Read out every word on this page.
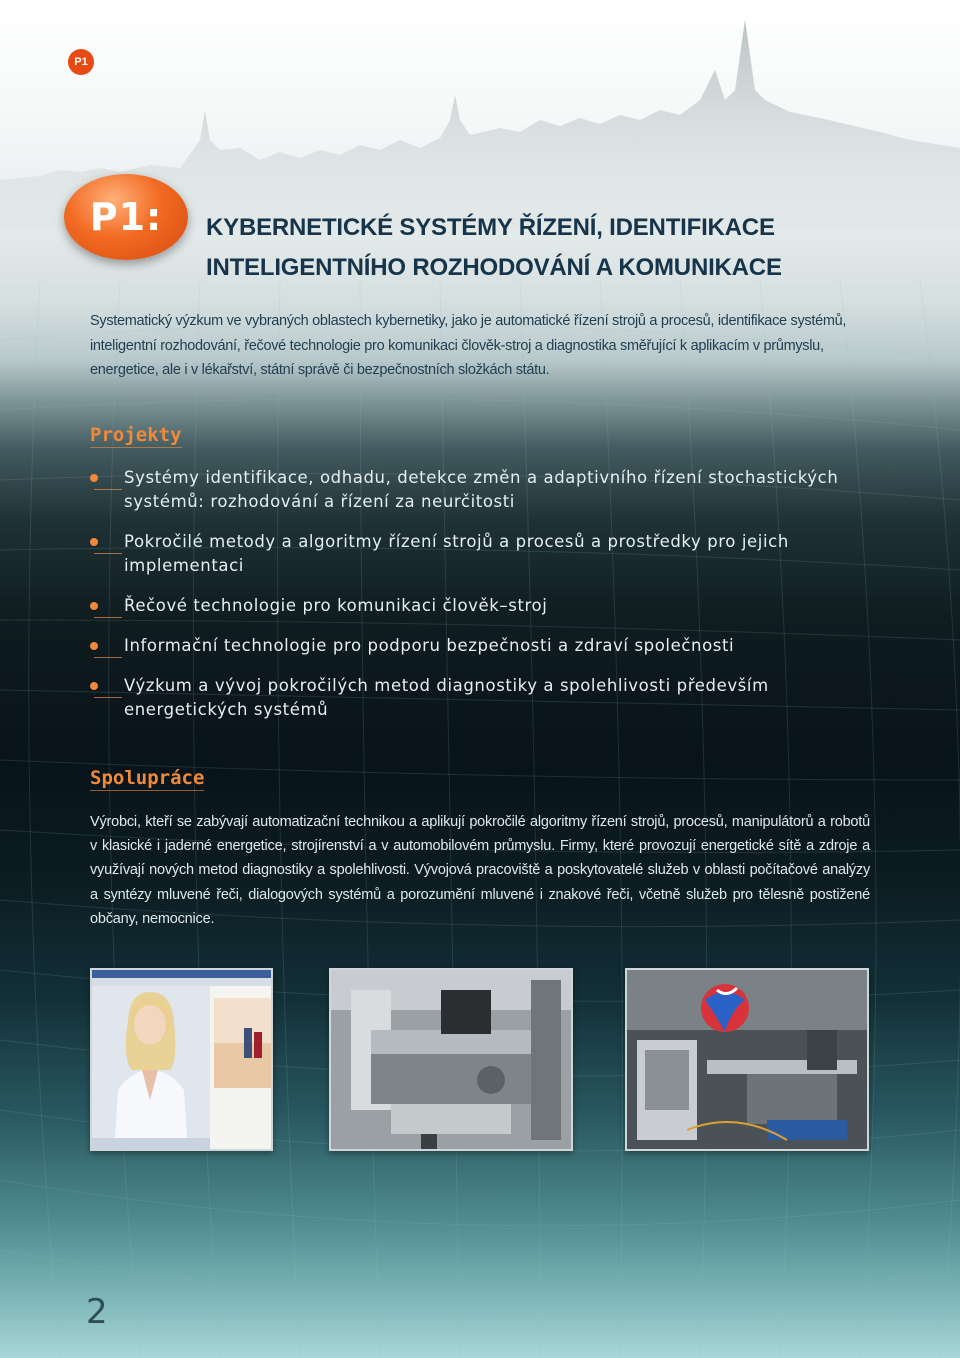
P1
P1:	KYBERNETICKÉ SYSTÉMY ŘÍZENÍ, IDENTIFIKACE
INTELIGENTNÍHO ROZHODOVÁNÍ A KOMUNIKACE

Systematický výzkum ve vybraných oblastech kybernetiky, jako je automatické řízení strojů a procesů, identifikace systémů, inteligentní rozhodování, řečové technologie pro komunikaci člověk-stroj a diagnostika směřující k aplikacím v průmyslu, energetice, ale i v lékařství, státní správě či bezpečnostních složkách státu.

Projekty
Systémy identifikace, odhadu, detekce změn a adaptivního řízení stochastických systémů: rozhodování a řízení za neurčitosti
Pokročilé metody a algoritmy řízení strojů a procesů a prostředky pro jejich implementaci
Řečové technologie pro komunikaci člověk–stroj
Informační technologie pro podporu bezpečnosti a zdraví společnosti
Výzkum a vývoj pokročilých metod diagnostiky a spolehlivosti především energetických systémů
Spolupráce

Výrobci, kteří se zabývají automatizační technikou a aplikují pokročilé algoritmy řízení strojů, procesů, manipulátorů a robotů v klasické i jaderné energetice, strojírenství a v automobilovém průmyslu. Firmy, které provozují energetické sítě a zdroje a využívají nových metod diagnostiky a spolehlivosti. Vývojová pracoviště a poskytovatelé služeb v oblasti počítačové analýzy a syntézy mluvené řeči, dialogových systémů a porozumění mluvené i znakové řeči, včetně služeb pro tělesně postižené občany, nemocnice.

2
